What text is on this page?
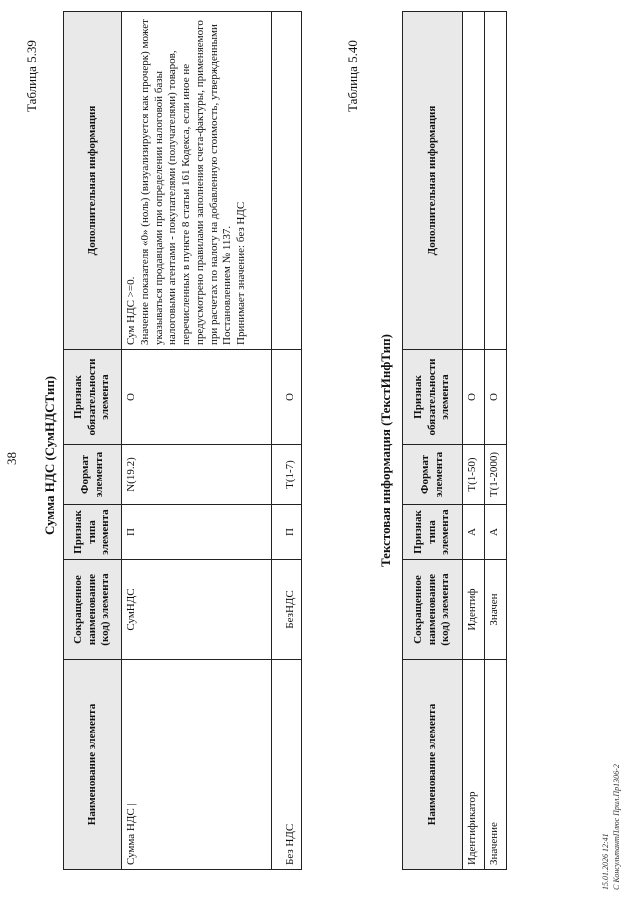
38
Таблица 5.39
Сумма НДС (СумНДСТип)
Наименование элемента	Сокращенное наименование (код) элемента	Признак типа элемента	Формат элемента	Признак обязательности элемента	Дополнительная информация
Сумма НДС |	СумНДС	П	N(19.2)	О	Сум НДС >=0.
Значение показателя «0» (ноль) (визуализируется как прочерк) может указываться продавцами при определении налоговой базы налоговыми агентами - покупателями (получателями) товаров, перечисленных в пункте 8 статьи 161 Кодекса, если иное не предусмотрено правилами заполнения счета-фактуры, применяемого при расчетах по налогу на добавленную стоимость, утвержденными Постановлением № 1137.
Принимает значение: без НДС
Без НДС	БезНДС	П	Т(1-7)	О	
Таблица 5.40
Текстовая информация (ТекстИнфТип)
Наименование элемента	Сокращенное наименование (код) элемента	Признак типа элемента	Формат элемента	Признак обязательности элемента	Дополнительная информация
Идентификатор	Идентиф	А	Т(1-50)	О	
Значение	Значен	А	Т(1-2000)	О	
15.01.2026 12:41 С КонсультантПлюс Прил.Пр1306-2
